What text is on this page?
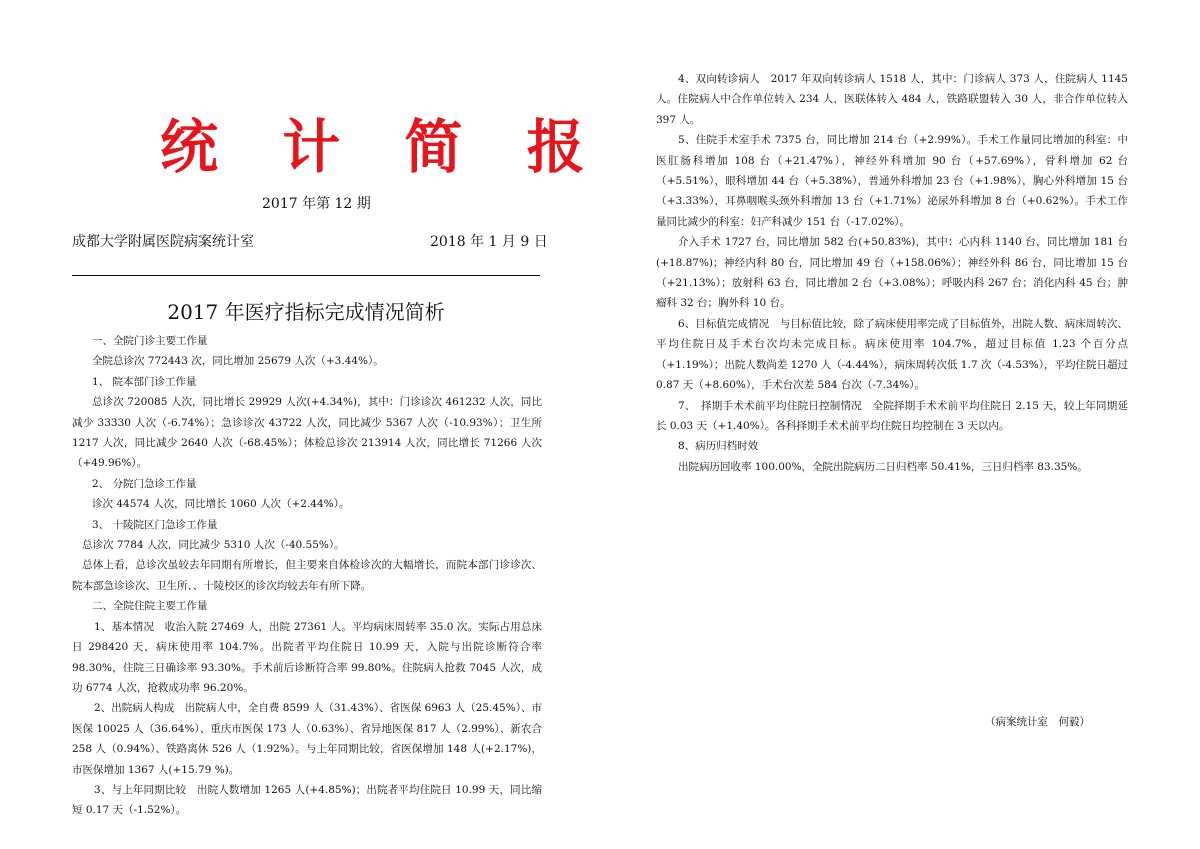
统 计 简 报
2017 年第 12 期
成都大学附属医院病案统计室	2018 年 1 月 9 日
2017 年医疗指标完成情况简析

一、全院门诊主要工作量

全院总诊次 772443 次，同比增加 25679 人次（+3.44%）。

1、 院本部门诊工作量

总诊次 720085 人次，同比增长 29929 人次(+4.34%)，其中：门诊诊次 461232 人次，同比减少 33330 人次（-6.74%）；急诊诊次 43722 人次，同比减少 5367 人次（-10.93%）；卫生所 1217 人次，同比减少 2640 人次（-68.45%）；体检总诊次 213914 人次，同比增长 71266 人次（+49.96%）。

2、 分院门急诊工作量

诊次 44574 人次，同比增长 1060 人次（+2.44%）。

3、 十陵院区门急诊工作量

总诊次 7784 人次，同比减少 5310 人次（-40.55%）。

总体上看，总诊次虽较去年同期有所增长，但主要来自体检诊次的大幅增长，而院本部门诊诊次、院本部急诊诊次、卫生所、、十陵校区的诊次均较去年有所下降。

二、全院住院主要工作量

1、基本情况　收治入院 27469 人，出院 27361 人。平均病床周转率 35.0 次。实际占用总床日 298420 天，病床使用率 104.7%。出院者平均住院日 10.99 天，入院与出院诊断符合率 98.30%，住院三日确诊率 93.30%。手术前后诊断符合率 99.80%。住院病人抢救 7045 人次，成功 6774 人次，抢救成功率 96.20%。

2、出院病人构成　出院病人中，全自费 8599 人（31.43%）、省医保 6963 人（25.45%）、市医保 10025 人（36.64%）、重庆市医保 173 人（0.63%）、省异地医保 817 人（2.99%）、新农合 258 人（0.94%）、铁路离休 526 人（1.92%）。与上年同期比较，省医保增加 148 人(+2.17%)，市医保增加 1367 人(+15.79 %)。

3、与上年同期比较　出院人数增加 1265 人(+4.85%)；出院者平均住院日 10.99 天，同比缩短 0.17 天（-1.52%）。

4、双向转诊病人　2017 年双向转诊病人 1518 人，其中：门诊病人 373 人，住院病人 1145 人。住院病人中合作单位转入 234 人，医联体转入 484 人，铁路联盟转入 30 人，非合作单位转入 397 人。

5、住院手术室手术 7375 台，同比增加 214 台（+2.99%）。手术工作量同比增加的科室：中医肛肠科增加 108 台（+21.47%），神经外科增加 90 台（+57.69%），骨科增加 62 台（+5.51%），眼科增加 44 台（+5.38%），普通外科增加 23 台（+1.98%），胸心外科增加 15 台（+3.33%），耳鼻咽喉头颈外科增加 13 台（+1.71%）泌尿外科增加 8 台（+0.62%）。手术工作量同比减少的科室：妇产科减少 151 台（-17.02%）。

介入手术 1727 台，同比增加 582 台(+50.83%)，其中：心内科 1140 台，同比增加 181 台(+18.87%)；神经内科 80 台，同比增加 49 台（+158.06%）；神经外科 86 台，同比增加 15 台（+21.13%）；放射科 63 台，同比增加 2 台（+3.08%）；呼吸内科 267 台；消化内科 45 台；肿瘤科 32 台；胸外科 10 台。

6、目标值完成情况　与目标值比较，除了病床使用率完成了目标值外，出院人数、病床周转次、平均住院日及手术台次均未完成目标。病床使用率 104.7%，超过目标值 1.23 个百分点（+1.19%）；出院人数尚差 1270 人（-4.44%），病床周转次低 1.7 次（-4.53%），平均住院日超过 0.87 天（+8.60%），手术台次差 584 台次（-7.34%）。

7、　择期手术术前平均住院日控制情况　全院择期手术术前平均住院日 2.15 天，较上年同期延长 0.03 天（+1.40%）。各科择期手术术前平均住院日均控制在 3 天以内。

8、病历归档时效

出院病历回收率 100.00%，全院出院病历二日归档率 50.41%，三日归档率 83.35%。

（病案统计室　何毅）
